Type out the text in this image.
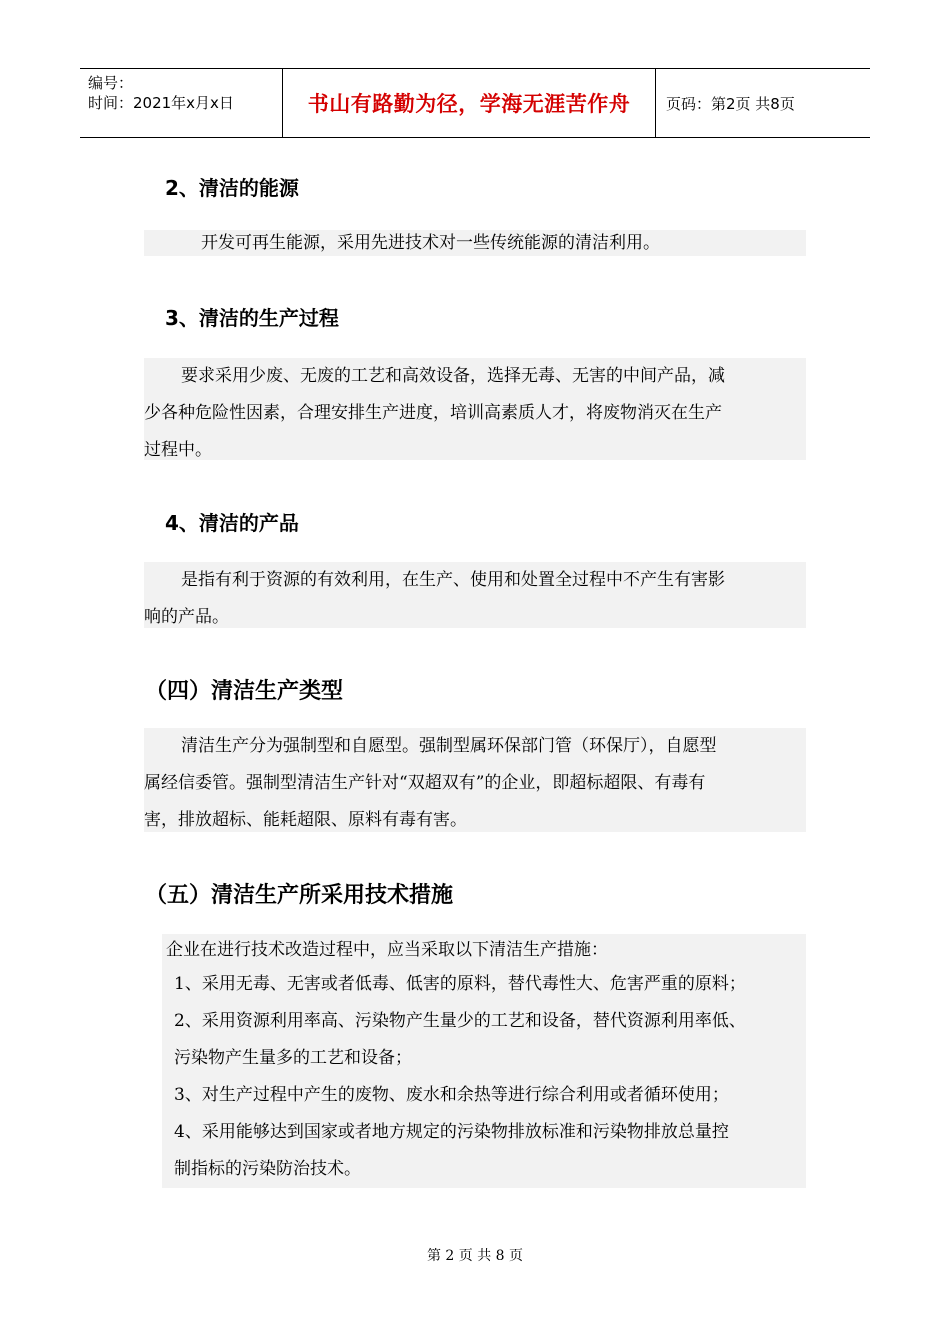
编号：
时间：2021年x月x日	书山有路勤为径，学海无涯苦作舟	页码：第2页 共8页
2、清洁的能源
开发可再生能源，采用先进技术对一些传统能源的清洁利用。
3、清洁的生产过程
要求采用少废、无废的工艺和高效设备，选择无毒、无害的中间产品，减
少各种危险性因素，合理安排生产进度，培训高素质人才，将废物消灭在生产
过程中。
4、清洁的产品
是指有利于资源的有效利用，在生产、使用和处置全过程中不产生有害影
响的产品。
（四）清洁生产类型
清洁生产分为强制型和自愿型。强制型属环保部门管（环保厅），自愿型
属经信委管。强制型清洁生产针对“双超双有”的企业，即超标超限、有毒有
害，排放超标、能耗超限、原料有毒有害。
（五）清洁生产所采用技术措施
企业在进行技术改造过程中，应当采取以下清洁生产措施：
1、采用无毒、无害或者低毒、低害的原料，替代毒性大、危害严重的原料；
2、采用资源利用率高、污染物产生量少的工艺和设备，替代资源利用率低、
污染物产生量多的工艺和设备；
3、对生产过程中产生的废物、废水和余热等进行综合利用或者循环使用；
4、采用能够达到国家或者地方规定的污染物排放标准和污染物排放总量控
制指标的污染防治技术。
第 2 页 共 8 页
